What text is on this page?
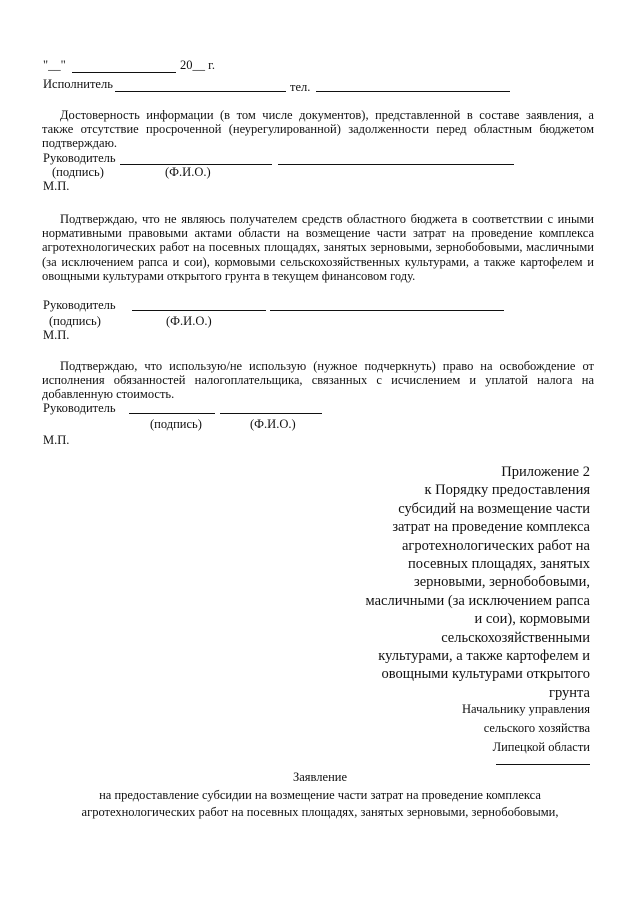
"__"	20__ г.
Исполнитель	тел.
Достоверность информации (в том числе документов), представленной в составе заявления, а также отсутствие просроченной (неурегулированной) задолженности перед областным бюджетом подтверждаю.
Руководитель
(подпись)	(Ф.И.О.)
М.П.
Подтверждаю, что не являюсь получателем средств областного бюджета в соответствии с иными нормативными правовыми актами области на возмещение части затрат на проведение комплекса агротехнологических работ на посевных площадях, занятых зерновыми, зернобобовыми, масличными (за исключением рапса и сои), кормовыми сельскохозяйственных культурами, а также картофелем и овощными культурами открытого грунта в текущем финансовом году.
Руководитель
(подпись)	(Ф.И.О.)
М.П.
Подтверждаю, что использую/не использую (нужное подчеркнуть) право на освобождение от исполнения обязанностей налогоплательщика, связанных с исчислением и уплатой налога на добавленную стоимость.
Руководитель
(подпись)	(Ф.И.О.)
М.П.
Приложение 2
к Порядку предоставления
субсидий на возмещение части
затрат на проведение комплекса
агротехнологических работ на
посевных площадях, занятых
зерновыми, зернобобовыми,
масличными (за исключением рапса
и сои), кормовыми
сельскохозяйственными
культурами, а также картофелем и
овощными культурами открытого
грунта
Начальнику управления
сельского хозяйства
Липецкой области
Заявление
на предоставление субсидии на возмещение части затрат на проведение комплекса
агротехнологических работ на посевных площадях, занятых зерновыми, зернобобовыми,
